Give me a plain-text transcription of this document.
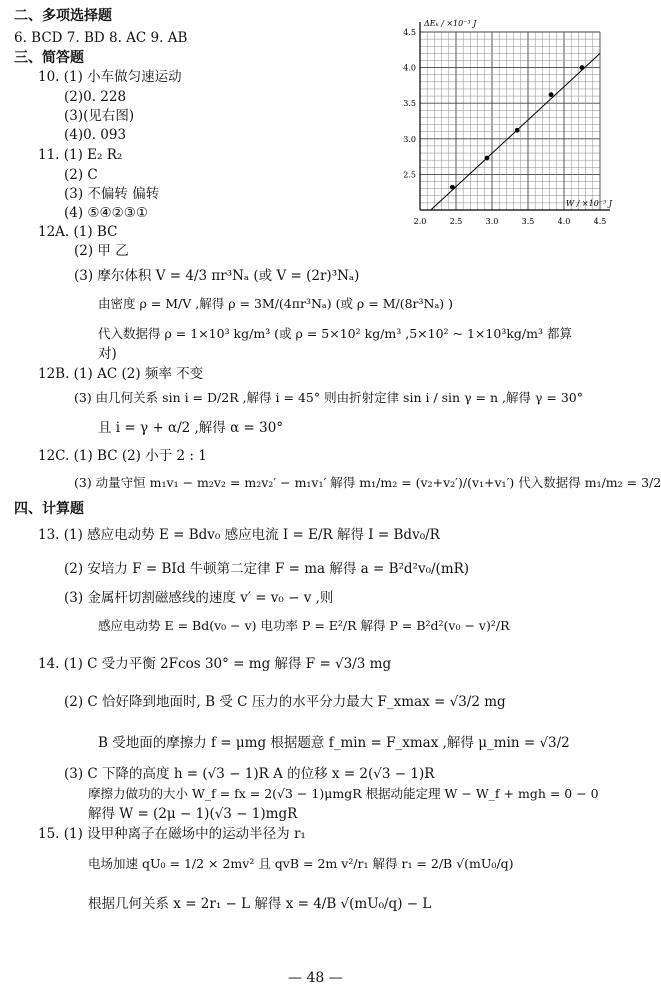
二、多项选择题
6. BCD 7. BD 8. AC 9. AB
三、简答题
10. (1) 小车做匀速运动
(2)0. 228
(3)(见右图)
(4)0. 093
11. (1) E₂ R₂
(2) C
(3) 不偏转 偏转
(4) ⑤④②③①
12A. (1) BC
(2) 甲 乙
(3) 摩尔体积 V = 4/3 πr³Nₐ (或 V = (2r)³Nₐ)
由密度 ρ = M/V ,解得 ρ = 3M/(4πr³Nₐ) (或 ρ = M/(8r³Nₐ) )
代入数据得 ρ = 1×10³ kg/m³ (或 ρ = 5×10² kg/m³ ,5×10² ~ 1×10³kg/m³ 都算
对)
12B. (1) AC (2) 频率 不变
(3) 由几何关系 sin i = D/2R ,解得 i = 45° 则由折射定律 sin i / sin γ = n ,解得 γ = 30°
且 i = γ + α/2 ,解得 α = 30°
12C. (1) BC (2) 小于 2 : 1
(3) 动量守恒 m₁v₁ − m₂v₂ = m₂v₂′ − m₁v₁′ 解得 m₁/m₂ = (v₂+v₂′)/(v₁+v₁′) 代入数据得 m₁/m₂ = 3/2
四、计算题
13. (1) 感应电动势 E = Bdv₀ 感应电流 I = E/R 解得 I = Bdv₀/R
(2) 安培力 F = BId 牛顿第二定律 F = ma 解得 a = B²d²v₀/(mR)
(3) 金属杆切割磁感线的速度 v′ = v₀ − v ,则
感应电动势 E = Bd(v₀ − v) 电功率 P = E²/R 解得 P = B²d²(v₀ − v)²/R
14. (1) C 受力平衡 2Fcos 30° = mg 解得 F = √3/3 mg
(2) C 恰好降到地面时, B 受 C 压力的水平分力最大 F_xmax = √3/2 mg
B 受地面的摩擦力 f = μmg 根据题意 f_min = F_xmax ,解得 μ_min = √3/2
(3) C 下降的高度 h = (√3 − 1)R A 的位移 x = 2(√3 − 1)R
摩擦力做功的大小 W_f = fx = 2(√3 − 1)μmgR 根据动能定理 W − W_f + mgh = 0 − 0
解得 W = (2μ − 1)(√3 − 1)mgR
15. (1) 设甲种离子在磁场中的运动半径为 r₁
电场加速 qU₀ = 1/2 × 2mv² 且 qvB = 2m v²/r₁ 解得 r₁ = 2/B √(mU₀/q)
根据几何关系 x = 2r₁ − L 解得 x = 4/B √(mU₀/q) − L
— 48 —
2.0	2.5	3.0	3.5	4.0	4.5
2.5
3.0
3.5
4.0
4.5
ΔEₖ / ×10⁻³ J
W / ×10⁻³ J
